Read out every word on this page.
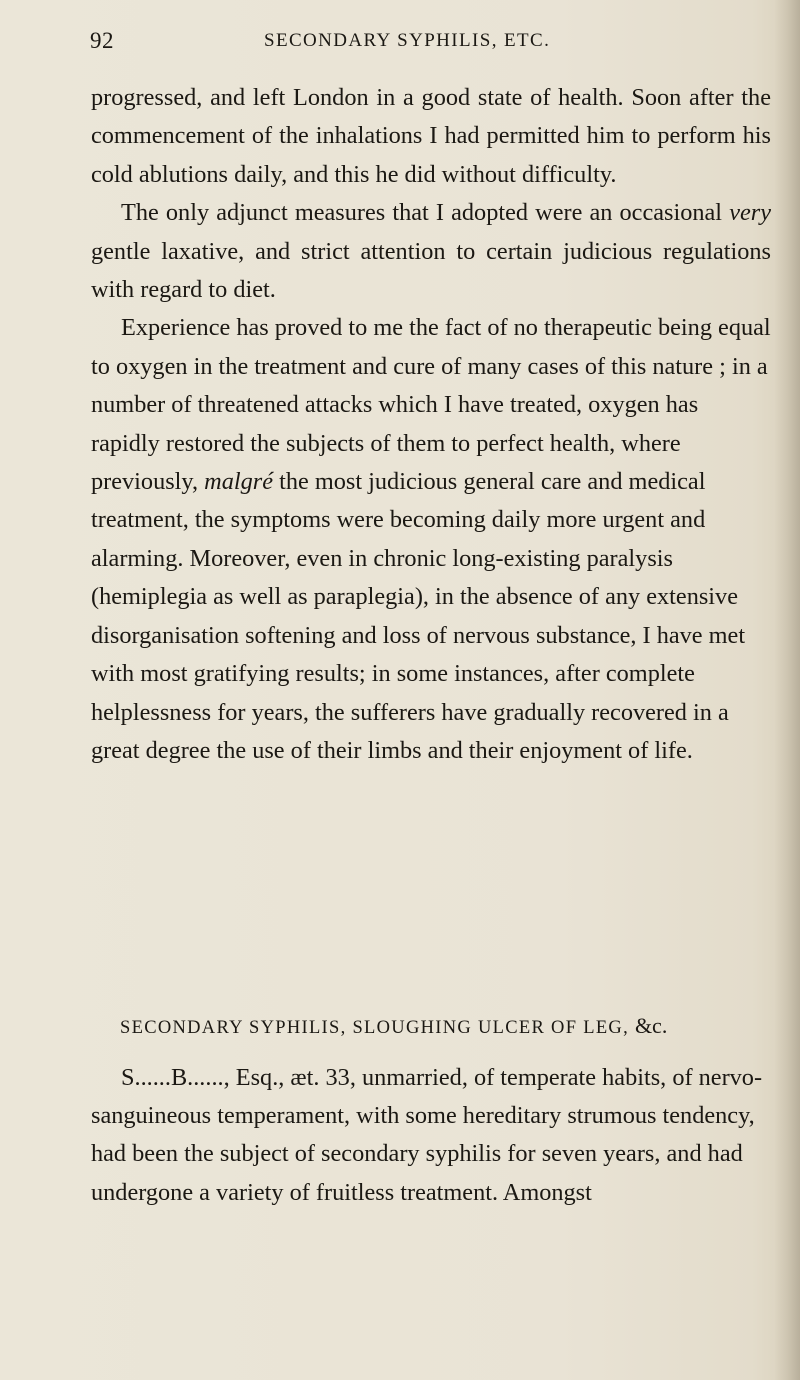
92	SECONDARY SYPHILIS, ETC.

progressed, and left London in a good state of health. Soon after the commencement of the inhalations I had permitted him to perform his cold ablutions daily, and this he did without difficulty.

The only adjunct measures that I adopted were an occasional very gentle laxative, and strict attention to certain judicious regulations with regard to diet.

Experience has proved to me the fact of no therapeutic being equal to oxygen in the treatment and cure of many cases of this nature ; in a number of threatened attacks which I have treated, oxygen has rapidly restored the subjects of them to perfect health, where previously, malgré the most judicious general care and medical treatment, the symptoms were becoming daily more urgent and alarming. Moreover, even in chronic long-existing paralysis (hemiplegia as well as paraplegia), in the absence of any extensive disorganisation softening and loss of nervous substance, I have met with most gratifying results; in some instances, after complete helplessness for years, the sufferers have gradually recovered in a great degree the use of their limbs and their enjoyment of life.

SECONDARY SYPHILIS, SLOUGHING ULCER OF LEG, &c.

S......B......, Esq., æt. 33, unmarried, of temperate habits, of nervo-sanguineous temperament, with some hereditary strumous tendency, had been the subject of secondary syphilis for seven years, and had undergone a variety of fruitless treatment. Amongst
